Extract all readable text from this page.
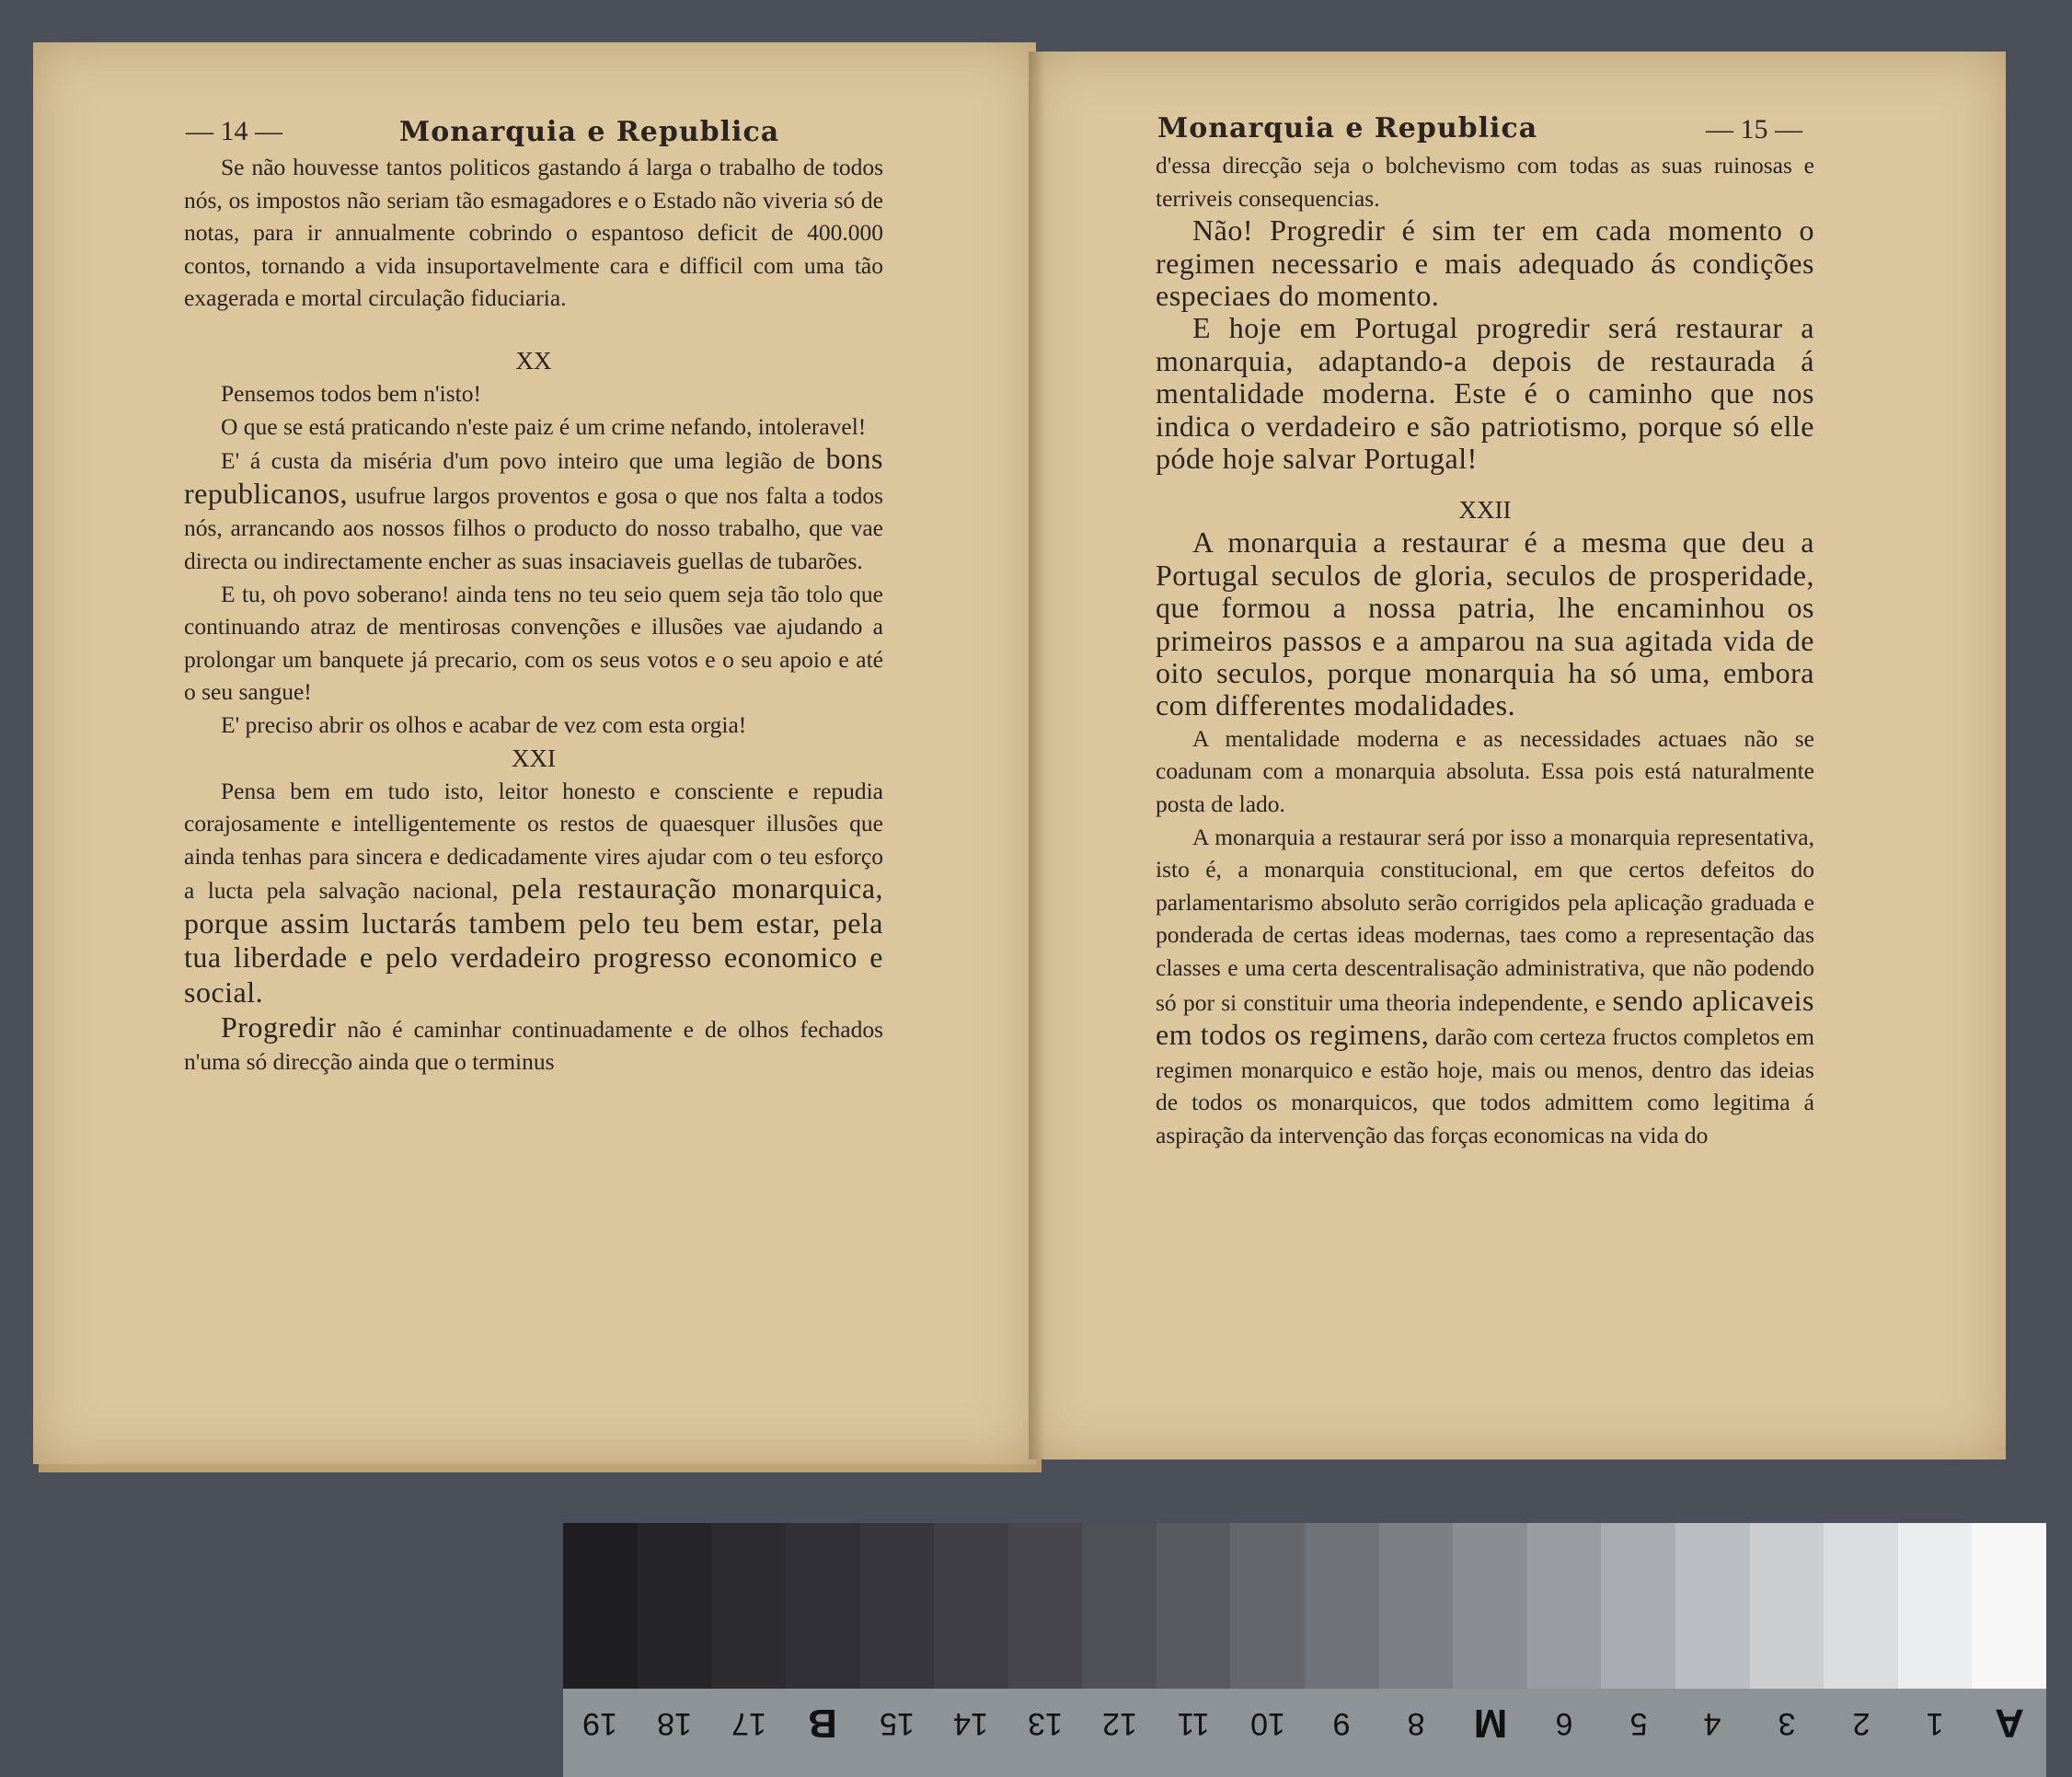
— 14 —	Monarquia e Republica

Se não houvesse tantos politicos gastando á larga o trabalho de todos nós, os impostos não seriam tão esmagadores e o Estado não viveria só de notas, para ir annualmente cobrindo o espantoso deficit de 400.000 contos, tornando a vida insuportavelmente cara e difficil com uma tão exagerada e mortal circulação fiduciaria.

XX

Pensemos todos bem n'isto!

O que se está praticando n'este paiz é um crime nefando, intoleravel!

E' á custa da miséria d'um povo inteiro que uma legião de bons republicanos, usufrue largos proventos e gosa o que nos falta a todos nós, arrancando aos nossos filhos o producto do nosso trabalho, que vae directa ou indirectamente encher as suas insaciaveis guellas de tubarões.

E tu, oh povo soberano! ainda tens no teu seio quem seja tão tolo que continuando atraz de mentirosas convenções e illusões vae ajudando a prolongar um banquete já precario, com os seus votos e o seu apoio e até o seu sangue!

E' preciso abrir os olhos e acabar de vez com esta orgia!

XXI

Pensa bem em tudo isto, leitor honesto e consciente e repudia corajosamente e intelligentemente os restos de quaesquer illusões que ainda tenhas para sincera e dedicadamente vires ajudar com o teu esforço a lucta pela salvação nacional, pela restauração monarquica, porque assim luctarás tambem pelo teu bem estar, pela tua liberdade e pelo verdadeiro progresso economico e social.

Progredir não é caminhar continuadamente e de olhos fechados n'uma só direcção ainda que o terminus

Monarquia e Republica	— 15 —

d'essa direcção seja o bolchevismo com todas as suas ruinosas e terriveis consequencias.

Não! Progredir é sim ter em cada momento o regimen necessario e mais adequado ás condições especiaes do momento.

E hoje em Portugal progredir será restaurar a monarquia, adaptando-a depois de restaurada á mentalidade moderna. Este é o caminho que nos indica o verdadeiro e são patriotismo, porque só elle póde hoje salvar Portugal!

XXII

A monarquia a restaurar é a mesma que deu a Portugal seculos de gloria, seculos de prosperidade, que formou a nossa patria, lhe encaminhou os primeiros passos e a amparou na sua agitada vida de oito seculos, porque monarquia ha só uma, embora com differentes modalidades.

A mentalidade moderna e as necessidades actuaes não se coadunam com a monarquia absoluta. Essa pois está naturalmente posta de lado.

A monarquia a restaurar será por isso a monarquia representativa, isto é, a monarquia constitucional, em que certos defeitos do parlamentarismo absoluto serão corrigidos pela aplicação graduada e ponderada de certas ideas modernas, taes como a representação das classes e uma certa descentralisação administrativa, que não podendo só por si constituir uma theoria independente, e sendo aplicaveis em todos os regimens, darão com certeza fructos completos em regimen monarquico e estão hoje, mais ou menos, dentro das ideias de todos os monarquicos, que todos admittem como legitima á aspiração da intervenção das forças economicas na vida do

19	18	17	B	15	14	13	12	11	10	9	8	M	6	5	4	3	2	1	A
